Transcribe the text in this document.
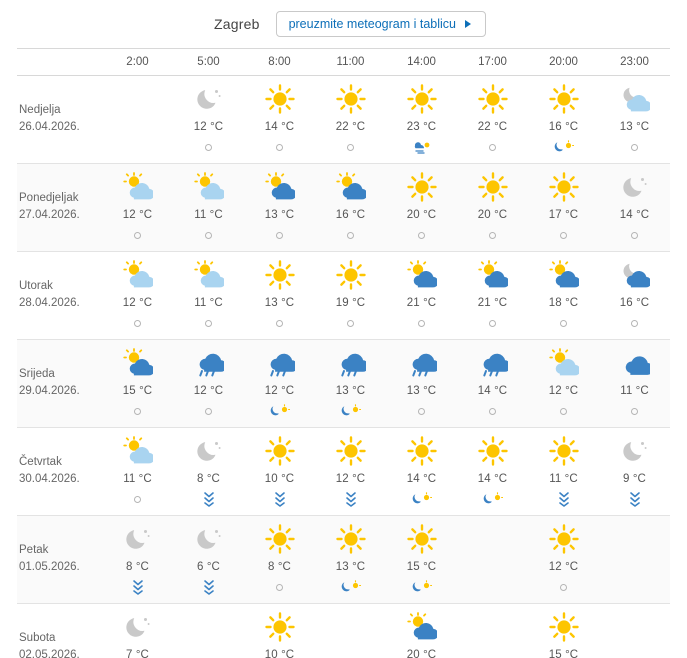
Zagreb preuzmite meteogram i tablicu
	2:00	5:00	8:00	11:00	14:00	17:00	20:00	23:00

Nedjelja
26.04.2026.		12 °C	14 °C	22 °C	23 °C	22 °C	16 °C	13 °C

Ponedjeljak
27.04.2026.	12 °C	11 °C	13 °C	16 °C	20 °C	20 °C	17 °C	14 °C

Utorak
28.04.2026.	12 °C	11 °C	13 °C	19 °C	21 °C	21 °C	18 °C	16 °C

Srijeda
29.04.2026.	15 °C	12 °C	12 °C	13 °C	13 °C	14 °C	12 °C	11 °C

Četvrtak
30.04.2026.	11 °C	8 °C	10 °C	12 °C	14 °C	14 °C	11 °C	9 °C

Petak
01.05.2026.	8 °C	6 °C	8 °C	13 °C	15 °C		12 °C	

Subota
02.05.2026.	7 °C		10 °C		20 °C		15 °C	
